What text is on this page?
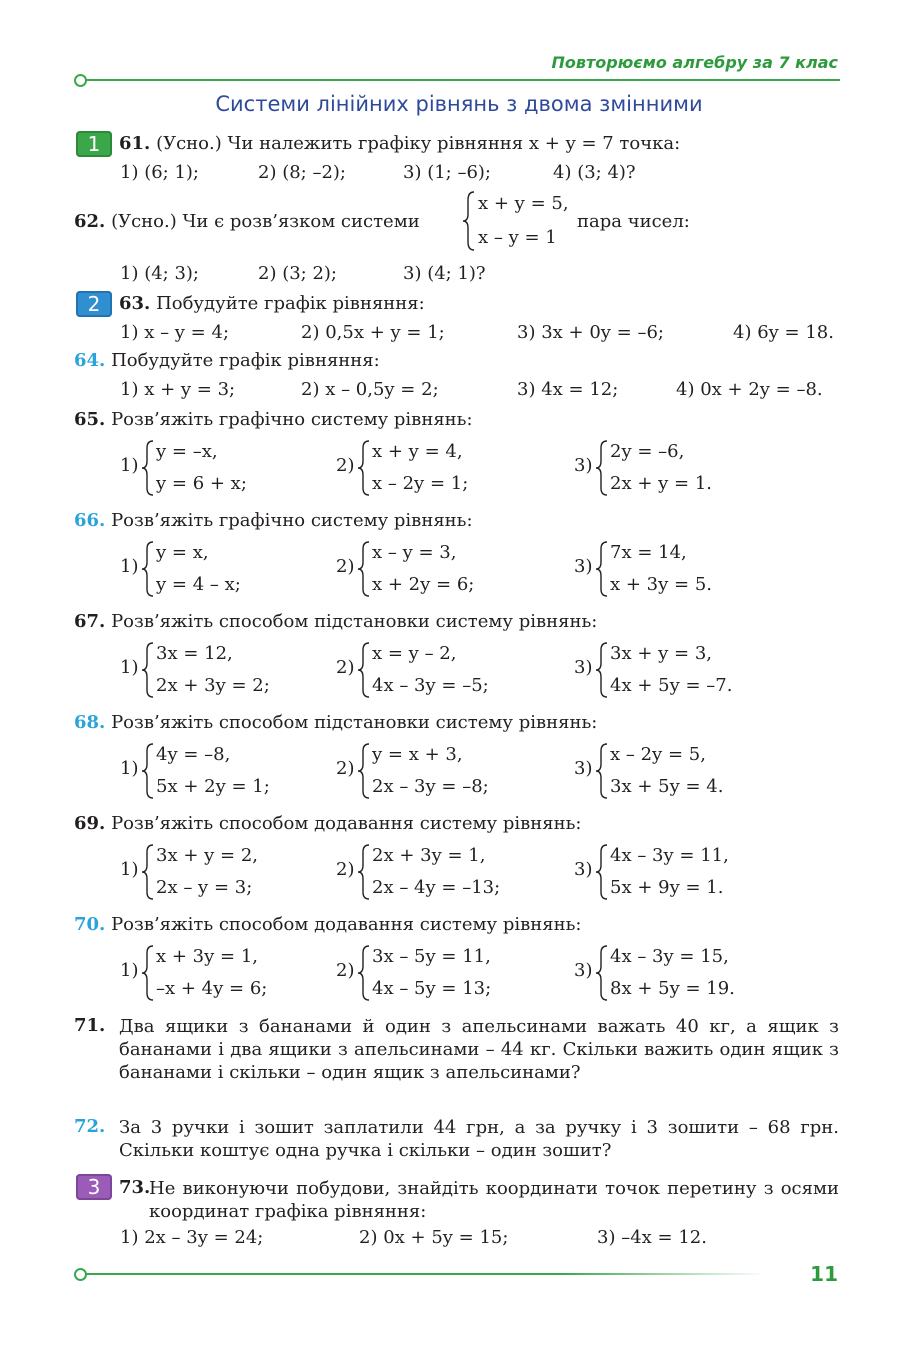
Повторюємо алгебру за 7 клас
Системи лінійних рівнянь з двома змінними
1	61. (Усно.) Чи належить графіку рівняння x + y = 7 точка:
1) (6; 1);	2) (8; –2);	3) (1; –6);	4) (3; 4)?
62. (Усно.) Чи є розв’язком системи
x + y = 5,
x – y = 1
пара чисел:
1) (4; 3);	2) (3; 2);	3) (4; 1)?
2	63. Побудуйте графік рівняння:
1) x – y = 4;	2) 0,5x + y = 1;	3) 3x + 0y = –6;	4) 6y = 18.
64. Побудуйте графік рівняння:
1) x + y = 3;	2) x – 0,5y = 2;	3) 4x = 12;	4) 0x + 2y = –8.
65. Розв’яжіть графічно систему рівнянь:
1)
y = –x,
y = 6 + x;
2)
x + y = 4,
x – 2y = 1;
3)
2y = –6,
2x + y = 1.
66. Розв’яжіть графічно систему рівнянь:
1)
y = x,
y = 4 – x;
2)
x – y = 3,
x + 2y = 6;
3)
7x = 14,
x + 3y = 5.
67. Розв’яжіть способом підстановки систему рівнянь:
1)
3x = 12,
2x + 3y = 2;
2)
x = y – 2,
4x – 3y = –5;
3)
3x + y = 3,
4x + 5y = –7.
68. Розв’яжіть способом підстановки систему рівнянь:
1)
4y = –8,
5x + 2y = 1;
2)
y = x + 3,
2x – 3y = –8;
3)
x – 2y = 5,
3x + 5y = 4.
69. Розв’яжіть способом додавання систему рівнянь:
1)
3x + y = 2,
2x – y = 3;
2)
2x + 3y = 1,
2x – 4y = –13;
3)
4x – 3y = 11,
5x + 9y = 1.
70. Розв’яжіть способом додавання систему рівнянь:
1)
x + 3y = 1,
–x + 4y = 6;
2)
3x – 5y = 11,
4x – 5y = 13;
3)
4x – 3y = 15,
8x + 5y = 19.
71. Два ящики з бананами й один з апельсинами важать 40 кг, а ящик з бананами і два ящики з апельсинами – 44 кг. Скільки важить один ящик з бананами і скільки – один ящик з апельсинами?
72. За 3 ручки і зошит заплатили 44 грн, а за ручку і 3 зошити – 68 грн. Скільки коштує одна ручка і скільки – один зошит?
3	73.
Не виконуючи побудови, знайдіть координати точок перетину з осями координат графіка рівняння:
1) 2x – 3y = 24;	2) 0x + 5y = 15;	3) –4x = 12.
11
